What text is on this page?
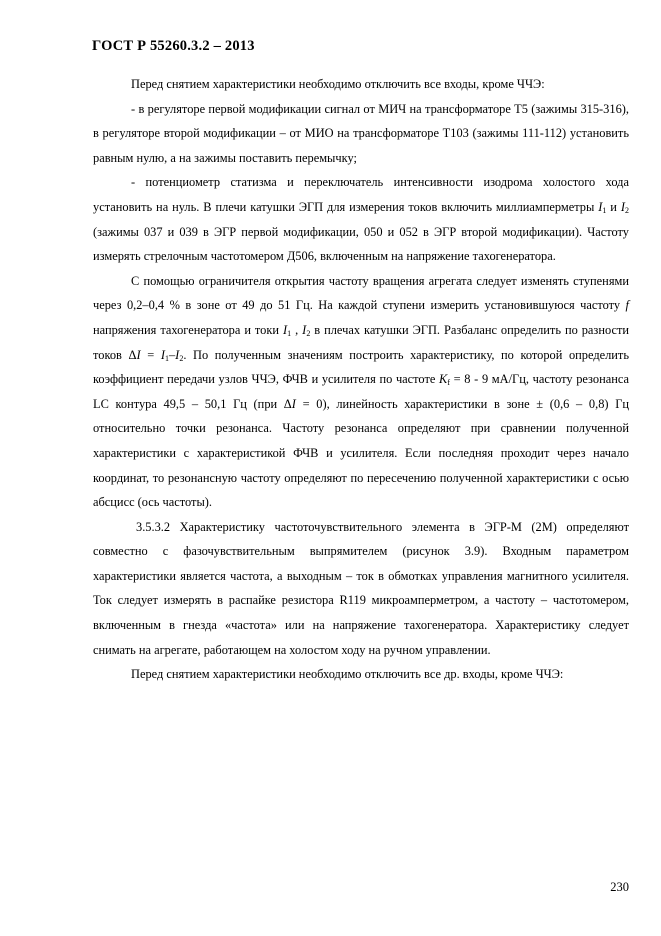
ГОСТ Р 55260.3.2 – 2013

Перед снятием характеристики необходимо отключить все входы, кроме ЧЧЭ:

- в регуляторе первой модификации сигнал от МИЧ на трансформаторе Т5 (зажимы 315-316), в регуляторе второй модификации – от МИО на трансформаторе Т103 (зажимы 111-112) установить равным нулю, а на зажимы поставить перемычку;

- потенциометр статизма и переключатель интенсивности изодрома холостого хода установить на нуль. В плечи катушки ЭГП для измерения токов включить миллиамперметры $I_1$ и $I_2$ (зажимы 037 и 039 в ЭГР первой модификации, 050 и 052 в ЭГР второй модификации). Частоту измерять стрелочным частотомером Д506, включенным на напряжение тахогенератора.

С помощью ограничителя открытия частоту вращения агрегата следует изменять ступенями через 0,2–0,4 % в зоне от 49 до 51 Гц. На каждой ступени измерить установившуюся частоту f напряжения тахогенератора и токи $I_1$ , $I_2$ в плечах катушки ЭГП. Разбаланс определить по разности токов $\Delta I = I_1-I_2$. По полученным значениям построить характеристику, по которой определить коэффициент передачи узлов ЧЧЭ, ФЧВ и усилителя по частоте $K_f = 8 - 9$ мА/Гц, частоту резонанса LC контура 49,5 – 50,1 Гц (при ΔI = 0), линейность характеристики в зоне ± (0,6 – 0,8) Гц относительно точки резонанса. Частоту резонанса определяют при сравнении полученной характеристики с характеристикой ФЧВ и усилителя. Если последняя проходит через начало координат, то резонансную частоту определяют по пересечению полученной характеристики с осью абсцисс (ось частоты).

3.5.3.2 Характеристику частоточувствительного элемента в ЭГР-М (2М) определяют совместно с фазочувствительным выпрямителем (рисунок 3.9). Входным параметром характеристики является частота, а выходным – ток в обмотках управления магнитного усилителя. Ток следует измерять в распайке резистора R119 микроамперметром, а частоту – частотомером, включенным в гнезда «частота» или на напряжение тахогенератора. Характеристику следует снимать на агрегате, работающем на холостом ходу на ручном управлении.

Перед снятием характеристики необходимо отключить все др. входы, кроме ЧЧЭ:

230
